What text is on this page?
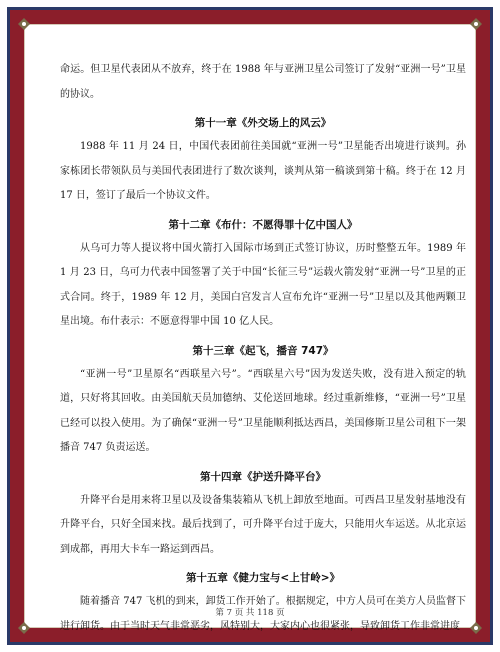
命运。但卫星代表团从不放弃，终于在 1988 年与亚洲卫星公司签订了发射“亚洲一号”卫星的协议。

第十一章《外交场上的风云》

1988 年 11 月 24 日，中国代表团前往美国就“亚洲一号”卫星能否出境进行谈判。孙家栋团长带领队员与美国代表团进行了数次谈判，谈判从第一稿谈到第十稿。终于在 12 月 17 日，签订了最后一个协议文件。

第十二章《布什：不愿得罪十亿中国人》

从乌可力等人提议将中国火箭打入国际市场到正式签订协议，历时整整五年。1989 年 1 月 23 日，乌可力代表中国签署了关于中国“长征三号”运载火箭发射“亚洲一号”卫星的正式合同。终于，1989 年 12 月，美国白宫发言人宣布允许“亚洲一号”卫星以及其他两颗卫星出境。布什表示：不愿意得罪中国 10 亿人民。

第十三章《起飞，播音 747》

“亚洲一号”卫星原名“西联星六号”。“西联星六号”因为发送失败，没有进入预定的轨道，只好将其回收。由美国航天员加德纳、艾伦送回地球。经过重新维修，“亚洲一号”卫星已经可以投入使用。为了确保“亚洲一号”卫星能顺利抵达西昌，美国修斯卫星公司租下一架播音 747 负责运送。

第十四章《护送升降平台》

升降平台是用来将卫星以及设备集装箱从飞机上卸放至地面。可西昌卫星发射基地没有升降平台，只好全国来找。最后找到了，可升降平台过于庞大，只能用火车运送。从北京运到成都，再用大卡车一路运到西昌。

第十五章《健力宝与<上甘岭>》

随着播音 747 飞机的到来，卸货工作开始了。根据规定，中方人员可在美方人员监督下进行卸货。由于当时天气非常恶劣，风特别大，大家内心也很紧张，导致卸货工作非常进度

第 7 页 共 118 页
